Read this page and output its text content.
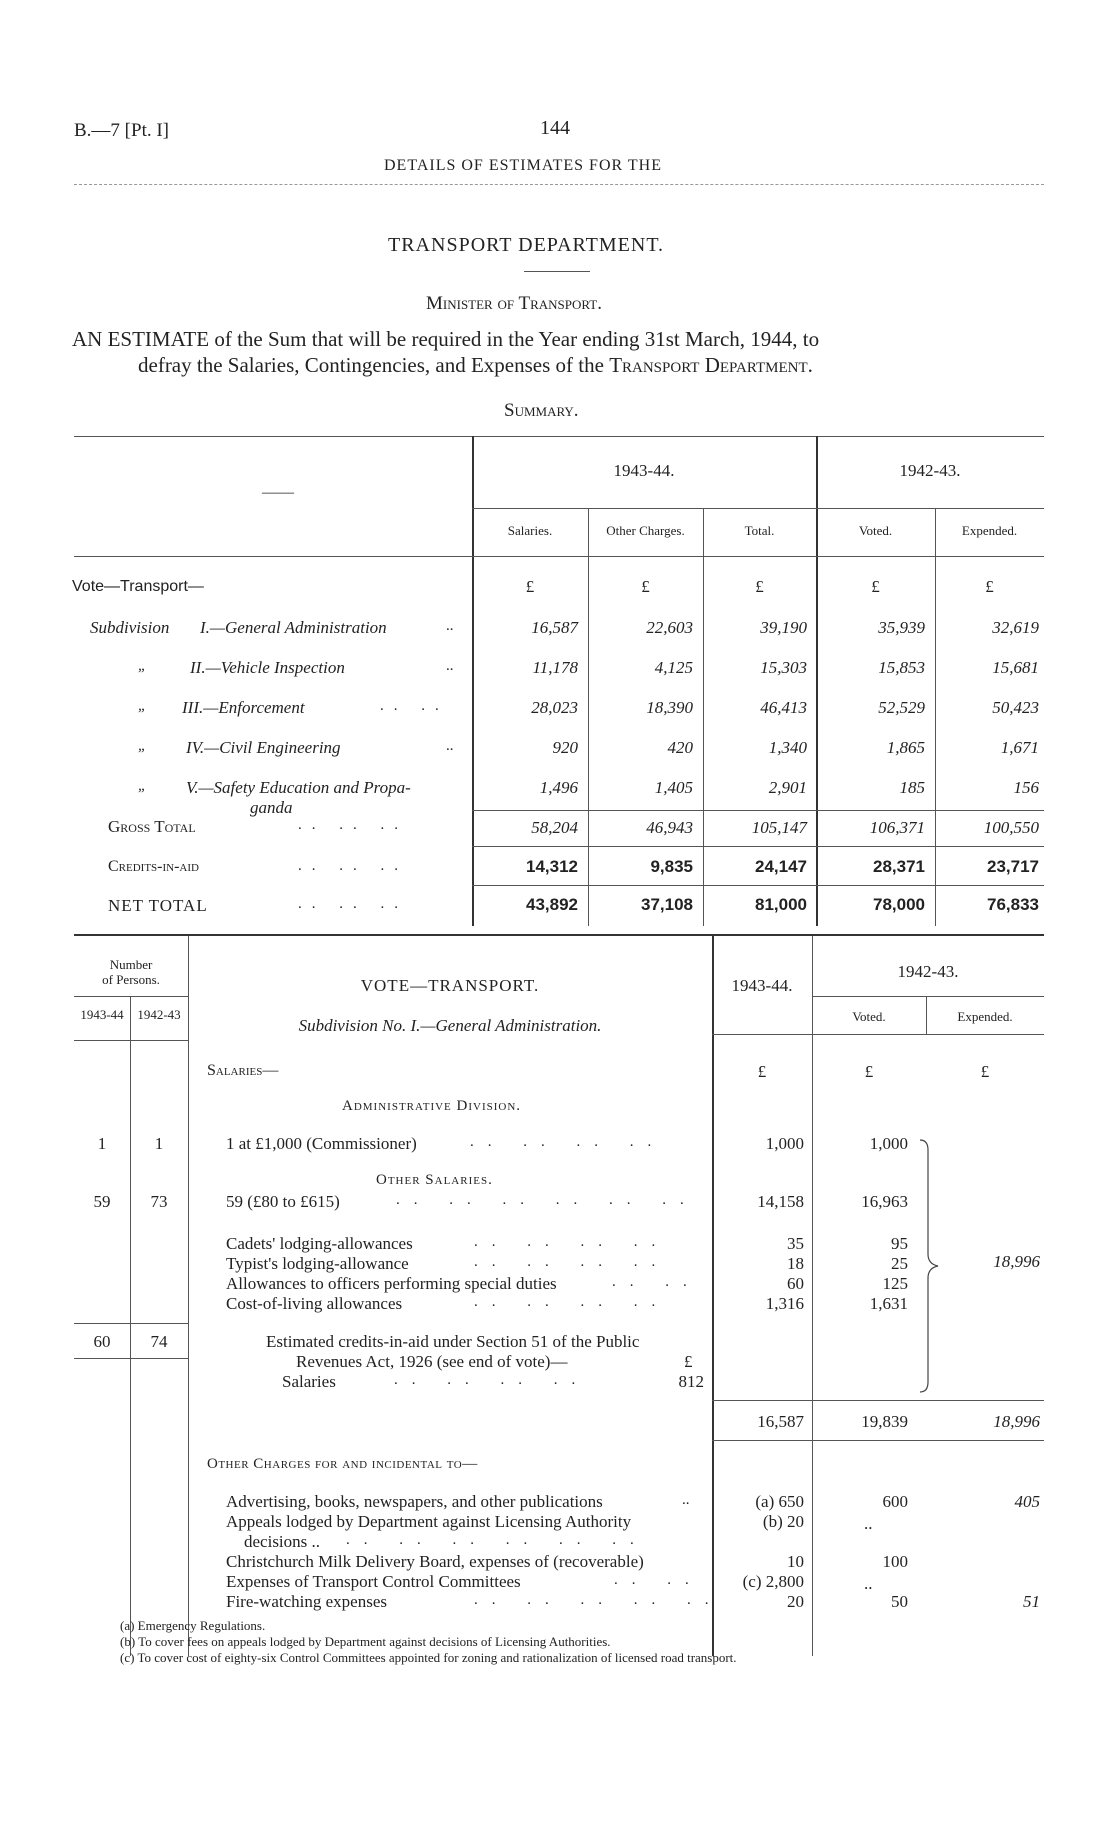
B.—7 [Pt. I]	144
DETAILS OF ESTIMATES FOR THE
TRANSPORT DEPARTMENT.
Minister of Transport.
AN ESTIMATE of the Sum that will be required in the Year ending 31st March, 1944, to
defray the Salaries, Contingencies, and Expenses of the Transport Department.
Summary.
——
1943-44.	1942-43.
Salaries.	Other Charges.	Total.	Voted.	Expended.
Vote—Transport—	£	£	£	£	£
Subdivision I.—General Administration	..	16,587	22,603	39,190	35,939	32,619
„	II.—Vehicle Inspection	..	11,178	4,125	15,303	15,853	15,681
„ III.—Enforcement	.. ..	28,023	18,390	46,413	52,529	50,423
„ IV.—Civil Engineering	..	920	420	1,340	1,865	1,671
„ V.—Safety Education and Propa-
ganda
1,496	1,405	2,901	185	156
Gross Total	.. .. ..	58,204	46,943	105,147	106,371	100,550
Credits-in-aid	.. .. ..	14,312	9,835	24,147	28,371	23,717
NET TOTAL	.. .. ..	43,892	37,108	81,000	78,000	76,833
Number
of Persons.
1943-44	1942-43
VOTE—TRANSPORT.
Subdivision No. I.—General Administration.
1943-44.
1942-43.
Voted.	Expended.
Salaries—	£	£	£
Administrative Division.
1	1	1 at £1,000 (Commissioner)	.. .. .. ..	1,000	1,000
Other Salaries.
59	73	59 (£80 to £615)	.. .. .. .. .. ..	14,158	16,963
Cadets' lodging-allowances	.. .. .. ..	35	95
Typist's lodging-allowance	.. .. .. ..	18	25
Allowances to officers performing special duties	.. ..	60	125
Cost-of-living allowances	.. .. .. ..	1,316	1,631
18,996
60	74	Estimated credits-in-aid under Section 51 of the Public
Revenues Act, 1926 (see end of vote)—	£
Salaries	.. .. .. ..	812
16,587	19,839	18,996
Other Charges for and incidental to—
Advertising, books, newspapers, and other publications	..	(a) 650	600	405
Appeals lodged by Department against Licensing Authority
decisions .. .. .. .. .. .. ..
(b) 20	..
Christchurch Milk Delivery Board, expenses of (recoverable)	10	100
Expenses of Transport Control Committees	.. ..	(c) 2,800	..
Fire-watching expenses	.. .. .. .. ..	20	50	51
(a) Emergency Regulations.
(b) To cover fees on appeals lodged by Department against decisions of Licensing Authorities.
(c) To cover cost of eighty-six Control Committees appointed for zoning and rationalization of licensed road transport.
